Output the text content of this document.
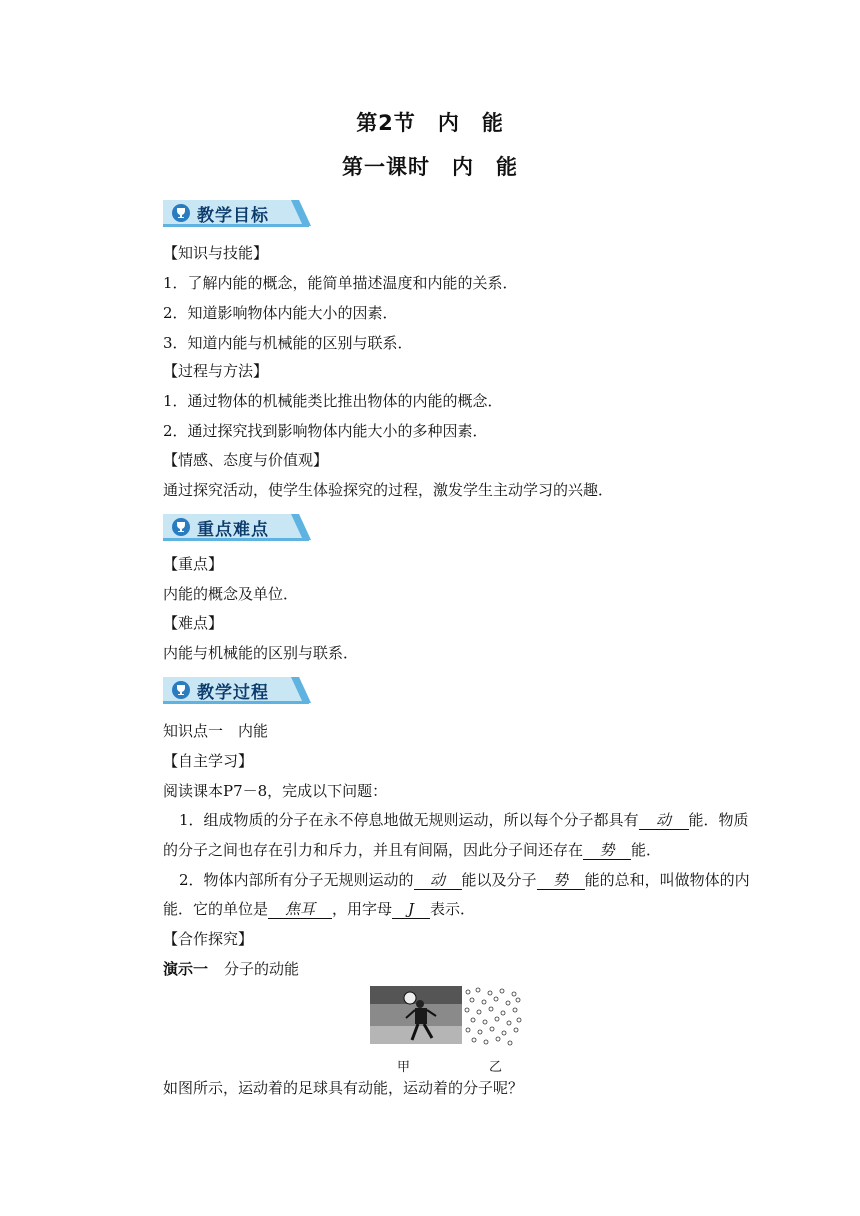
第2节 内 能
第一课时 内 能
教学目标
【知识与技能】
1．了解内能的概念，能简单描述温度和内能的关系．
2．知道影响物体内能大小的因素．
3．知道内能与机械能的区别与联系．
【过程与方法】
1．通过物体的机械能类比推出物体的内能的概念．
2．通过探究找到影响物体内能大小的多种因素．
【情感、态度与价值观】
通过探究活动，使学生体验探究的过程，激发学生主动学习的兴趣．
重点难点
【重点】
内能的概念及单位．
【难点】
内能与机械能的区别与联系．
教学过程
知识点一　内能
【自主学习】
阅读课本P7－8，完成以下问题：
1．组成物质的分子在永不停息地做无规则运动，所以每个分子都具有 动 能．物质
的分子之间也存在引力和斥力，并且有间隔，因此分子间还存在 势 能．
2．物体内部所有分子无规则运动的 动 能以及分子 势 能的总和，叫做物体的内
能．它的单位是 焦耳 ，用字母 J 表示．
【合作探究】
演示一 分子的动能
甲	乙
如图所示，运动着的足球具有动能，运动着的分子呢？
